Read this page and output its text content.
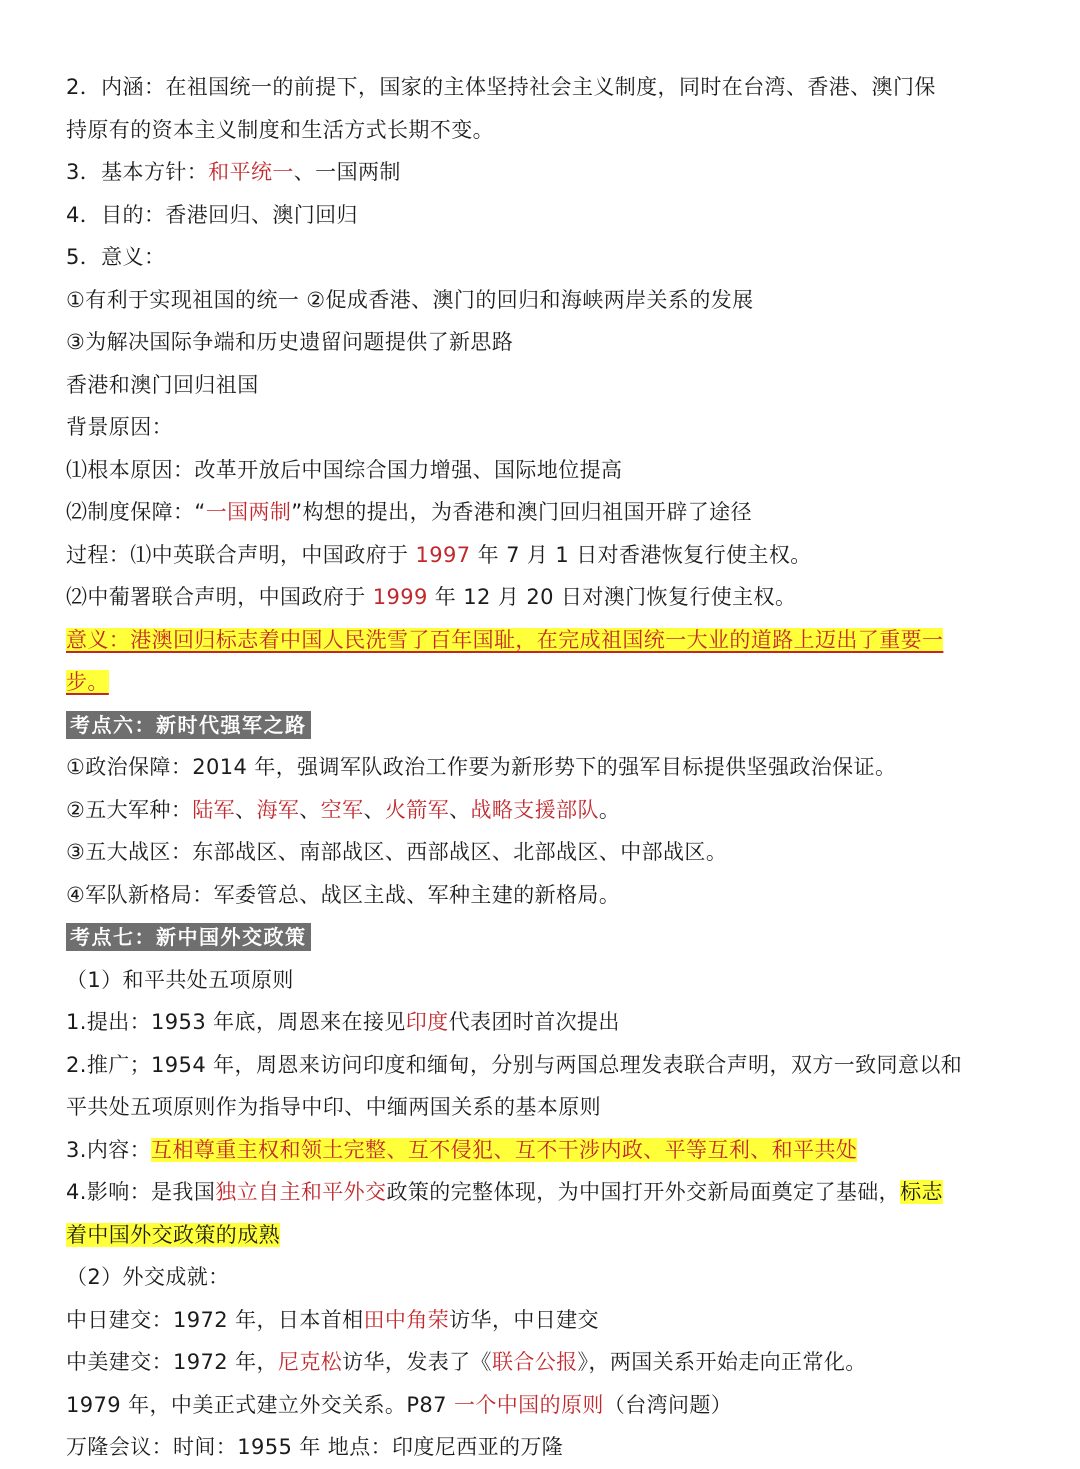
2．内涵：在祖国统一的前提下，国家的主体坚持社会主义制度，同时在台湾、香港、澳门保
持原有的资本主义制度和生活方式长期不变。
3．基本方针：和平统一、一国两制
4．目的：香港回归、澳门回归
5．意义：
①有利于实现祖国的统一 ②促成香港、澳门的回归和海峡两岸关系的发展
③为解决国际争端和历史遗留问题提供了新思路
香港和澳门回归祖国
背景原因：
⑴根本原因：改革开放后中国综合国力增强、国际地位提高
⑵制度保障：“一国两制”构想的提出，为香港和澳门回归祖国开辟了途径
过程：⑴中英联合声明，中国政府于 1997 年 7 月 1 日对香港恢复行使主权。
⑵中葡署联合声明，中国政府于 1999 年 12 月 20 日对澳门恢复行使主权。
意义：港澳回归标志着中国人民洗雪了百年国耻，在完成祖国统一大业的道路上迈出了重要一
步。
考点六：新时代强军之路
①政治保障：2014 年，强调军队政治工作要为新形势下的强军目标提供坚强政治保证。
②五大军种：陆军、海军、空军、火箭军、战略支援部队。
③五大战区：东部战区、南部战区、西部战区、北部战区、中部战区。
④军队新格局：军委管总、战区主战、军种主建的新格局。
考点七：新中国外交政策
（1）和平共处五项原则
1.提出：1953 年底，周恩来在接见印度代表团时首次提出
2.推广；1954 年，周恩来访问印度和缅甸，分别与两国总理发表联合声明，双方一致同意以和
平共处五项原则作为指导中印、中缅两国关系的基本原则
3.内容：互相尊重主权和领土完整、互不侵犯、互不干涉内政、平等互利、和平共处
4.影响：是我国独立自主和平外交政策的完整体现，为中国打开外交新局面奠定了基础，标志
着中国外交政策的成熟
（2）外交成就：
中日建交：1972 年，日本首相田中角荣访华，中日建交
中美建交：1972 年，尼克松访华，发表了《联合公报》，两国关系开始走向正常化。
1979 年，中美正式建立外交关系。P87 一个中国的原则（台湾问题）
万隆会议：时间：1955 年 地点：印度尼西亚的万隆
